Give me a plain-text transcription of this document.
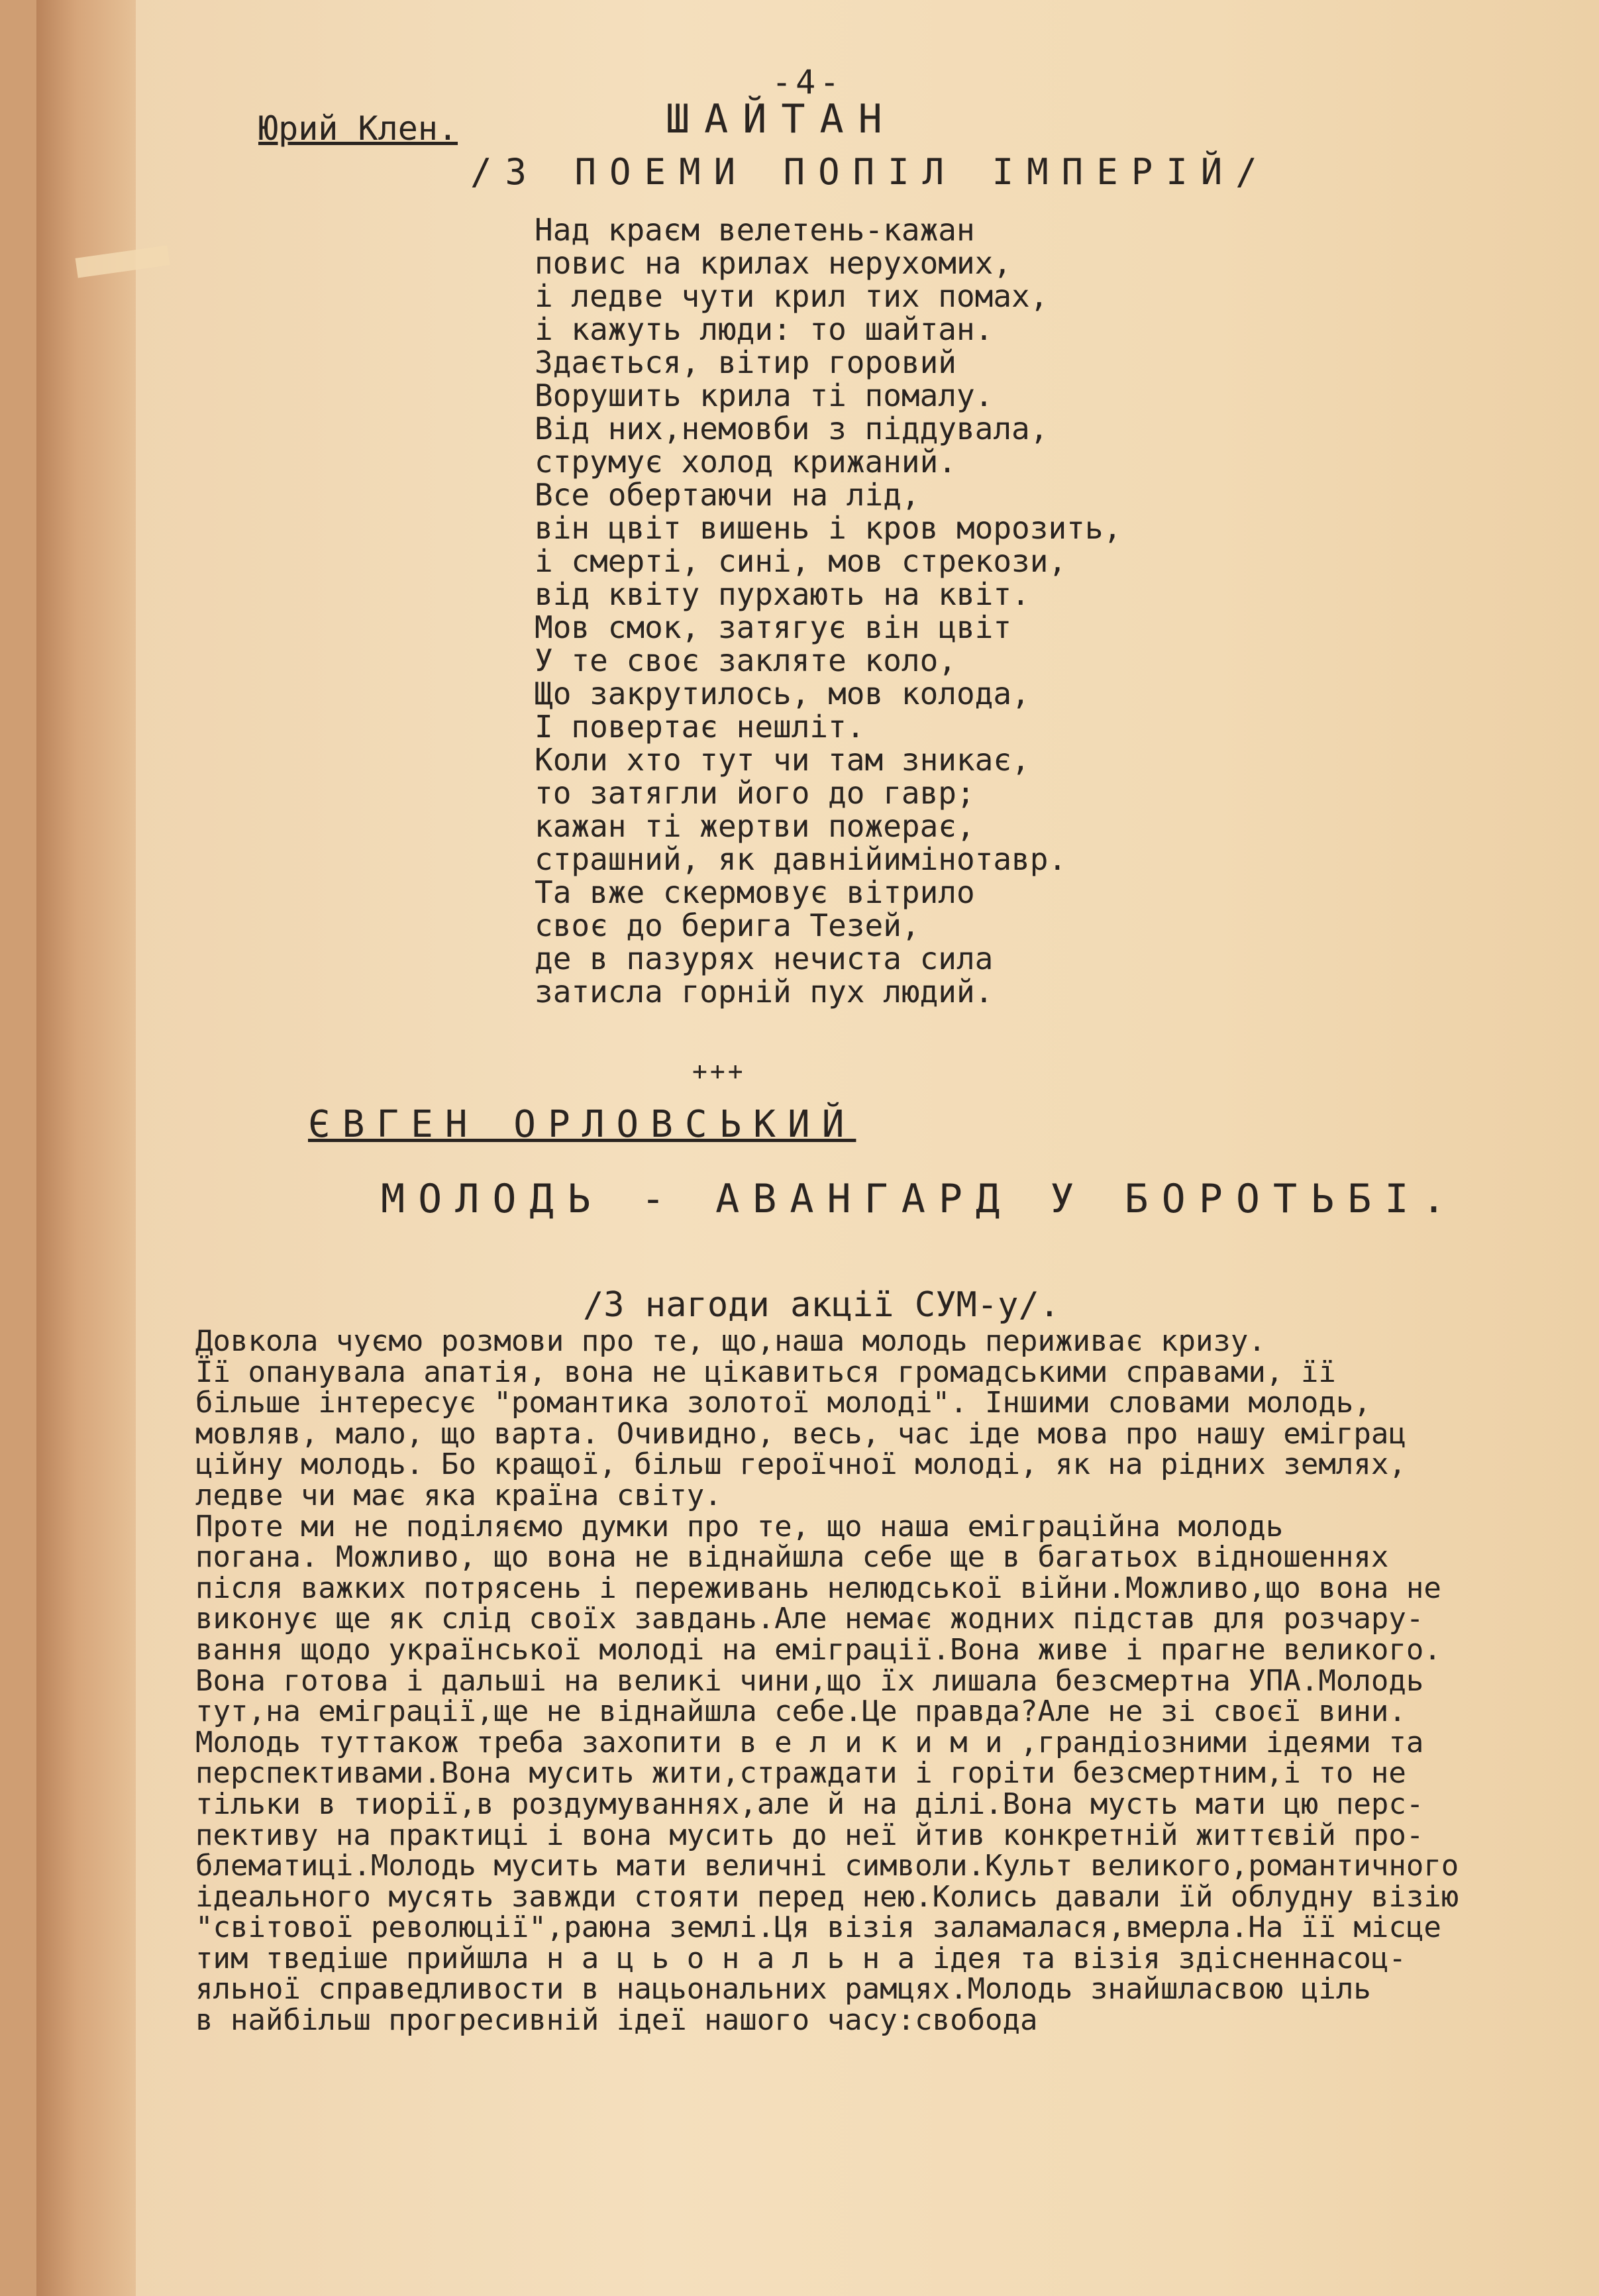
-4-
Юрий Клен.	ШАЙТАН
/З ПОЕМИ ПОПІЛ ІМПЕРІЙ/
Над краєм велетень-кажан
повис на крилах нерухомих,
і ледве чути крил тих помах,
і кажуть люди: то шайтан.
Здається, вітир горовий
Ворушить крила ті помалу.
Від них,немовби з піддувала,
струмує холод крижаний.
Все обертаючи на лід,
він цвіт вишень і кров морозить,
і смерті, сині, мов стрекози,
від квіту пурхають на квіт.
Мов смок, затягує він цвіт
У те своє закляте коло,
Що закрутилось, мов колода,
І повертає нешліт.
Коли хто тут чи там зникає,
то затягли його до гавр;
кажан ті жертви пожерає,
страшний, як давнійимінотавр.
Та вже скермовує вітрило
своє до берига Тезей,
де в пазурях нечиста сила
затисла горній пух людий.
+++
ЄВГЕН ОРЛОВСЬКИЙ
МОЛОДЬ - АВАНГАРД У БОРОТЬБІ.
/З нагоди акції СУМ-у/.
Довкола чуємо розмови про те, що,наша молодь периживає кризу.
Її опанувала апатія, вона не цікавиться громадськими справами, її
більше інтересує "романтика золотої молоді". Іншими словами молодь,
мовляв, мало, що варта. Очивидно, весь, час іде мова про нашу еміграц
ційну молодь. Бо кращої, більш героїчної молоді, як на рідних землях,
ледве чи має яка країна світу.
Проте ми не поділяємо думки про те, що наша еміграційна молодь
погана. Можливо, що вона не віднайшла себе ще в багатьох відношеннях
після важких потрясень і переживань нелюдської війни.Можливо,що вона не
виконує ще як слід своїх завдань.Але немає жодних підстав для розчару-
вання щодо української молоді на еміграції.Вона живе і прагне великого.
Вона готова і дальші на великі чини,що їх лишала безсмертна УПА.Молодь
тут,на еміграції,ще не віднайшла себе.Це правда?Але не зі своєї вини.
Молодь туттакож треба захопити в е л и к и м и ,грандіозними ідеями та
перспективами.Вона мусить жити,страждати і горіти безсмертним,і то не
тільки в тиорії,в роздумуваннях,але й на ділі.Вона мусть мати цю перс-
пективу на практиці і вона мусить до неї йтив конкретній життєвій про-
блематиці.Молодь мусить мати величні символи.Культ великого,романтичного
ідеального мусять завжди стояти перед нею.Колись давали їй облудну візію
"світової революції",раюна землі.Ця візія заламалася,вмерла.На її місце
тим тведіше прийшла н а ц ь о н а л ь н а ідея та візія здісненнасоц-
яльної справедливости в нацьональних рамцях.Молодь знайшласвою ціль
в найбільш прогресивній ідеї нашого часу:свобода
